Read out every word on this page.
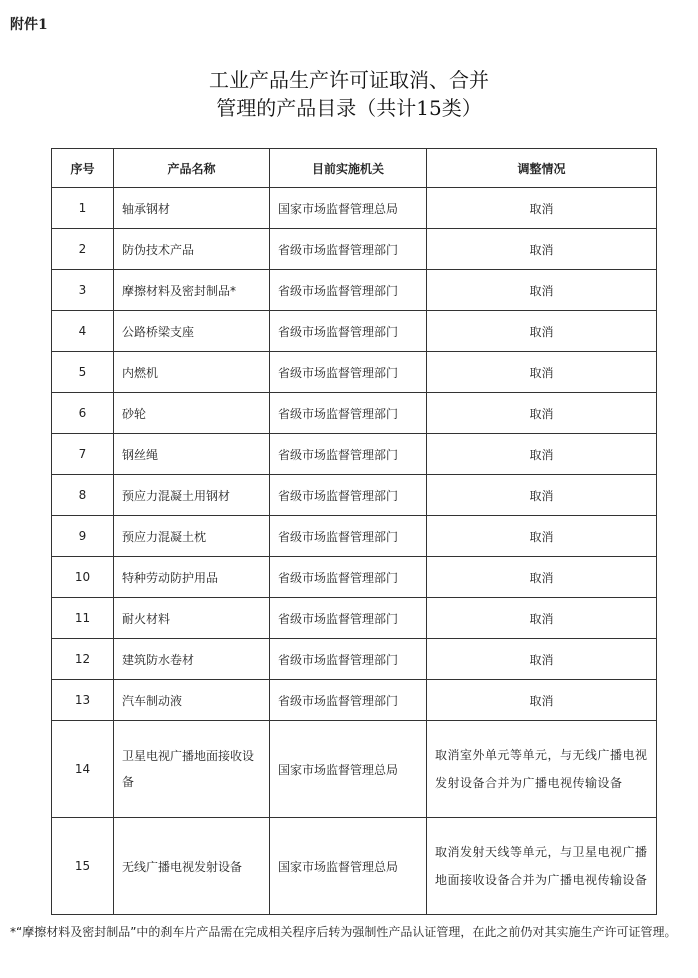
附件1
工业产品生产许可证取消、合并
管理的产品目录（共计15类）
序号	产品名称	目前实施机关	调整情况
1	轴承钢材	国家市场监督管理总局	取消
2	防伪技术产品	省级市场监督管理部门	取消
3	摩擦材料及密封制品*	省级市场监督管理部门	取消
4	公路桥梁支座	省级市场监督管理部门	取消
5	内燃机	省级市场监督管理部门	取消
6	砂轮	省级市场监督管理部门	取消
7	钢丝绳	省级市场监督管理部门	取消
8	预应力混凝土用钢材	省级市场监督管理部门	取消
9	预应力混凝土枕	省级市场监督管理部门	取消
10	特种劳动防护用品	省级市场监督管理部门	取消
11	耐火材料	省级市场监督管理部门	取消
12	建筑防水卷材	省级市场监督管理部门	取消
13	汽车制动液	省级市场监督管理部门	取消
14	卫星电视广播地面接收设备	国家市场监督管理总局	取消室外单元等单元，与无线广播电视发射设备合并为广播电视传输设备
15	无线广播电视发射设备	国家市场监督管理总局	取消发射天线等单元，与卫星电视广播地面接收设备合并为广播电视传输设备
*“摩擦材料及密封制品”中的刹车片产品需在完成相关程序后转为强制性产品认证管理，在此之前仍对其实施生产许可证管理。
